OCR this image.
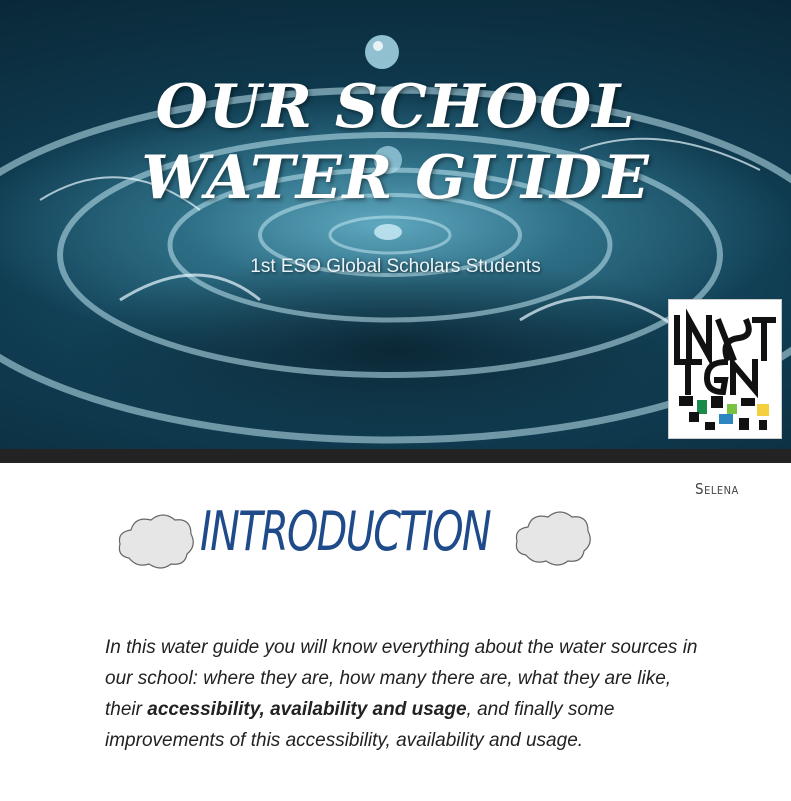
OUR SCHOOL
WATER GUIDE
1st ESO Global Scholars Students
Selena
INTRODUCTION
In this water guide you will know everything about the water sources in our school: where they are, how many there are, what they are like, their accessibility, availability and usage, and finally some improvements of this accessibility, availability and usage.
